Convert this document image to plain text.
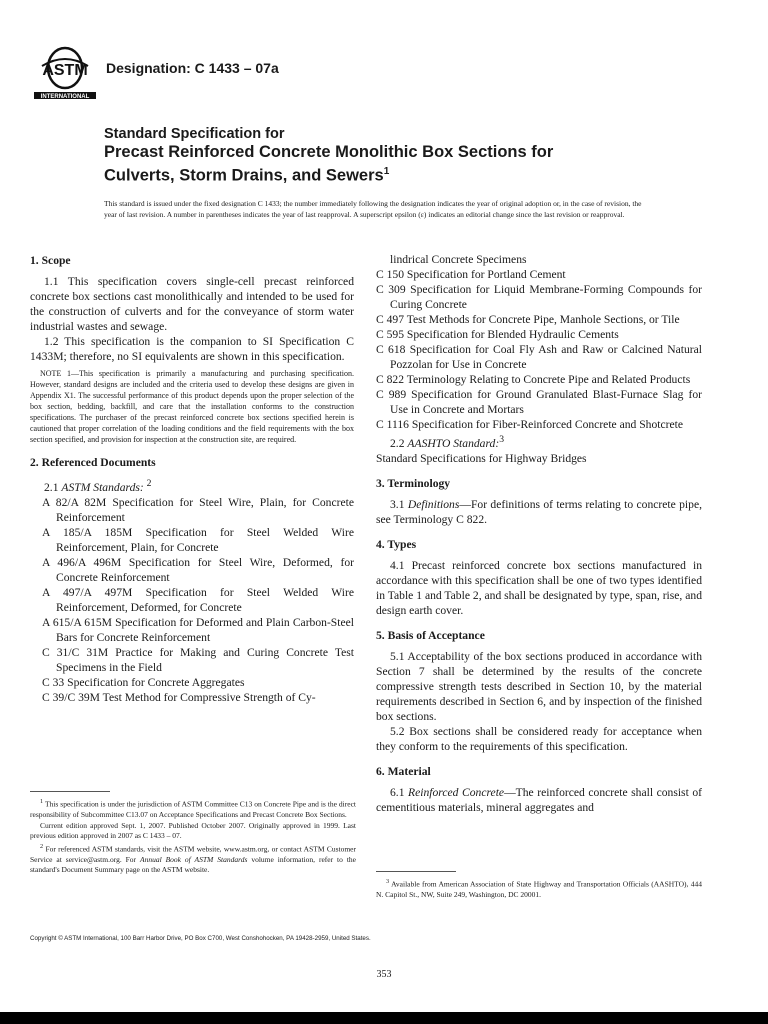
ASTM
INTERNATIONAL
Designation: C 1433 – 07a
Standard Specification for
Precast Reinforced Concrete Monolithic Box Sections for
Culverts, Storm Drains, and Sewers$^1$
This standard is issued under the fixed designation C 1433; the number immediately following the designation indicates the year of original adoption or, in the case of revision, the year of last revision. A number in parentheses indicates the year of last reapproval. A superscript epsilon (ε) indicates an editorial change since the last revision or reapproval.
1. Scope

1.1 This specification covers single-cell precast reinforced concrete box sections cast monolithically and intended to be used for the construction of culverts and for the conveyance of storm water industrial wastes and sewage.

1.2 This specification is the companion to SI Specification C 1433M; therefore, no SI equivalents are shown in this specification.

NOTE 1—This specification is primarily a manufacturing and purchasing specification. However, standard designs are included and the criteria used to develop these designs are given in Appendix X1. The successful performance of this product depends upon the proper selection of the box section, bedding, backfill, and care that the installation conforms to the construction specifications. The purchaser of the precast reinforced concrete box sections specified herein is cautioned that proper correlation of the loading conditions and the field requirements with the box section specified, and provision for inspection at the construction site, are required.

2. Referenced Documents

2.1 ASTM Standards: $^2$

A 82/A 82M Specification for Steel Wire, Plain, for Concrete Reinforcement

A 185/A 185M Specification for Steel Welded Wire Reinforcement, Plain, for Concrete

A 496/A 496M Specification for Steel Wire, Deformed, for Concrete Reinforcement

A 497/A 497M Specification for Steel Welded Wire Reinforcement, Deformed, for Concrete

A 615/A 615M Specification for Deformed and Plain Carbon-Steel Bars for Concrete Reinforcement

C 31/C 31M Practice for Making and Curing Concrete Test Specimens in the Field

C 33 Specification for Concrete Aggregates

C 39/C 39M Test Method for Compressive Strength of Cy-

lindrical Concrete Specimens

C 150 Specification for Portland Cement

C 309 Specification for Liquid Membrane-Forming Compounds for Curing Concrete

C 497 Test Methods for Concrete Pipe, Manhole Sections, or Tile

C 595 Specification for Blended Hydraulic Cements

C 618 Specification for Coal Fly Ash and Raw or Calcined Natural Pozzolan for Use in Concrete

C 822 Terminology Relating to Concrete Pipe and Related Products

C 989 Specification for Ground Granulated Blast-Furnace Slag for Use in Concrete and Mortars

C 1116 Specification for Fiber-Reinforced Concrete and Shotcrete

2.2 AASHTO Standard:$^3$

Standard Specifications for Highway Bridges

3. Terminology

3.1 Definitions—For definitions of terms relating to concrete pipe, see Terminology C 822.

4. Types

4.1 Precast reinforced concrete box sections manufactured in accordance with this specification shall be one of two types identified in Table 1 and Table 2, and shall be designated by type, span, rise, and design earth cover.

5. Basis of Acceptance

5.1 Acceptability of the box sections produced in accordance with Section 7 shall be determined by the results of the concrete compressive strength tests described in Section 10, by the material requirements described in Section 6, and by inspection of the finished box sections.

5.2 Box sections shall be considered ready for acceptance when they conform to the requirements of this specification.

6. Material

6.1 Reinforced Concrete—The reinforced concrete shall consist of cementitious materials, mineral aggregates and

$^1$ This specification is under the jurisdiction of ASTM Committee C13 on Concrete Pipe and is the direct responsibility of Subcommittee C13.07 on Acceptance Specifications and Precast Concrete Box Sections.

Current edition approved Sept. 1, 2007. Published October 2007. Originally approved in 1999. Last previous edition approved in 2007 as C 1433 – 07.

$^2$ For referenced ASTM standards, visit the ASTM website, www.astm.org, or contact ASTM Customer Service at service@astm.org. For Annual Book of ASTM Standards volume information, refer to the standard's Document Summary page on the ASTM website.

$^3$ Available from American Association of State Highway and Transportation Officials (AASHTO), 444 N. Capitol St., NW, Suite 249, Washington, DC 20001.

Copyright © ASTM International, 100 Barr Harbor Drive, PO Box C700, West Conshohocken, PA 19428-2959, United States.
353
